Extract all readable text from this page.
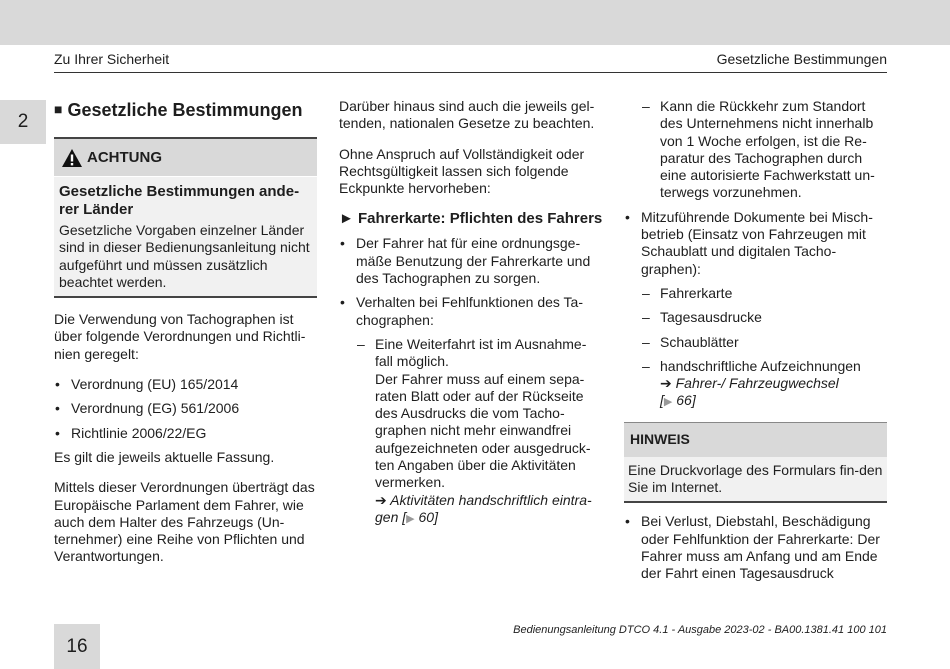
Zu Ihrer Sicherheit	Gesetzliche Bestimmungen
2
■ Gesetzliche Bestimmungen
ACHTUNG

Gesetzliche Bestimmungen ande-rer Länder

Gesetzliche Vorgaben einzelner Länder sind in dieser Bedienungsanleitung nicht aufgeführt und müssen zusätzlich beachtet werden.

Die Verwendung von Tachographen ist über folgende Verordnungen und Richtli-nien geregelt:

• Verordnung (EU) 165/2014
• Verordnung (EG) 561/2006
• Richtlinie 2006/22/EG

Es gilt die jeweils aktuelle Fassung.

Mittels dieser Verordnungen überträgt das Europäische Parlament dem Fahrer, wie auch dem Halter des Fahrzeugs (Un-ternehmer) eine Reihe von Pflichten und Verantwortungen.

Darüber hinaus sind auch die jeweils gel-tenden, nationalen Gesetze zu beachten.

Ohne Anspruch auf Vollständigkeit oder Rechtsgültigkeit lassen sich folgende Eckpunkte hervorheben:

► Fahrerkarte: Pflichten des Fahrers

• Der Fahrer hat für eine ordnungsge-mäße Benutzung der Fahrerkarte und des Tachographen zu sorgen.
• Verhalten bei Fehlfunktionen des Ta-chographen:
– Eine Weiterfahrt ist im Ausnahme-fall möglich.

Der Fahrer muss auf einem sepa-raten Blatt oder auf der Rückseite des Ausdrucks die vom Tacho-graphen nicht mehr einwandfrei aufgezeichneten oder ausgedruck-ten Angaben über die Aktivitäten vermerken.

➔ Aktivitäten handschriftlich eintra-gen [▶ 60]

– Kann die Rückkehr zum Standort des Unternehmens nicht innerhalb von 1 Woche erfolgen, ist die Re-paratur des Tachographen durch eine autorisierte Fachwerkstatt un-terwegs vorzunehmen.
• Mitzuführende Dokumente bei Misch-betrieb (Einsatz von Fahrzeugen mit Schaublatt und digitalen Tacho-graphen):
– Fahrerkarte
– Tagesausdrucke
– Schaublätter
– handschriftliche Aufzeichnungen

➔ Fahrer-/ Fahrzeugwechsel
[▶ 66]

HINWEIS
Eine Druckvorlage des Formulars fin-den Sie im Internet.
• Bei Verlust, Diebstahl, Beschädigung oder Fehlfunktion der Fahrerkarte: Der Fahrer muss am Anfang und am Ende der Fahrt einen Tagesausdruck
16
Bedienungsanleitung DTCO 4.1 - Ausgabe 2023-02 - BA00.1381.41 100 101
